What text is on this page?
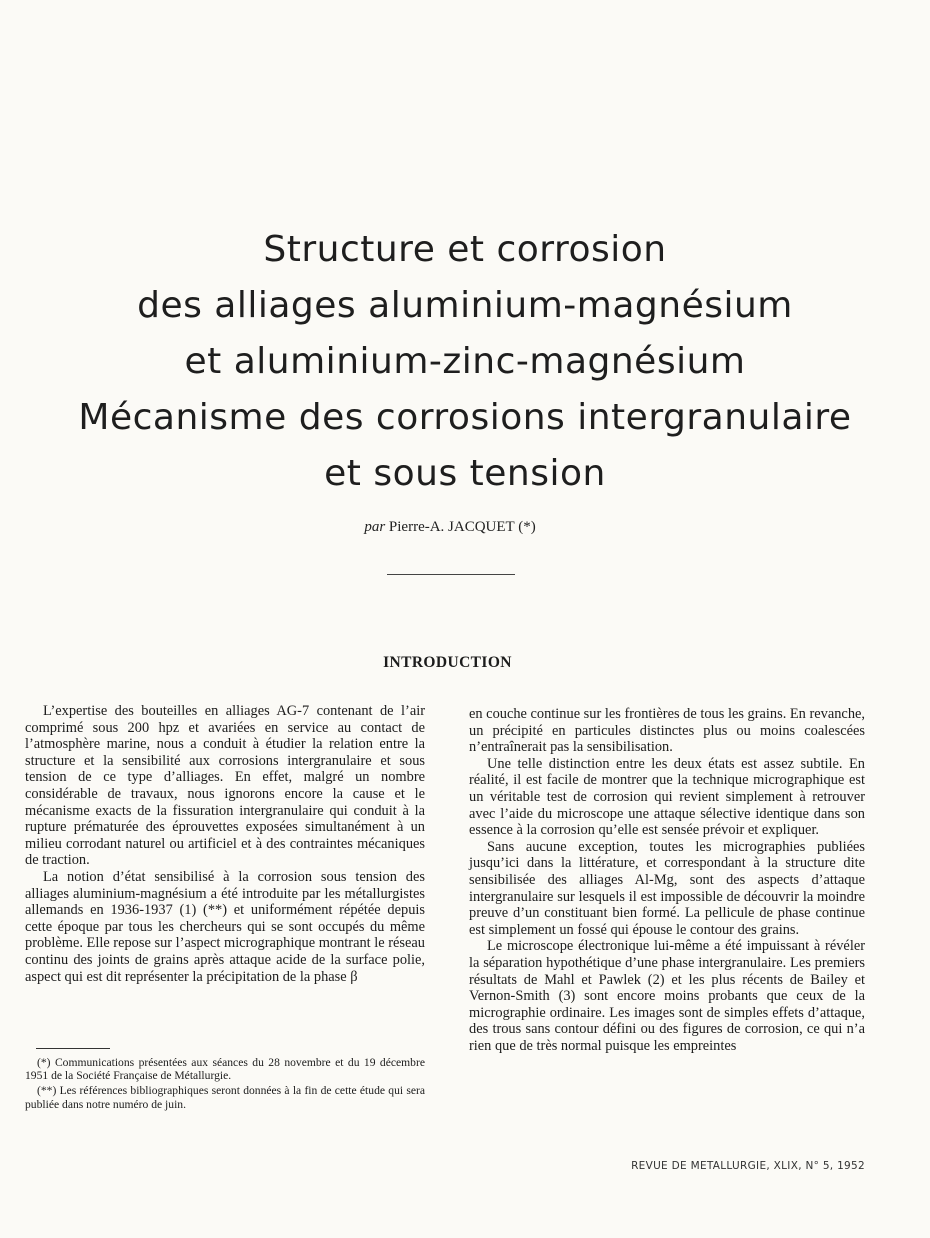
Structure et corrosion
des alliages aluminium-magnésium
et aluminium-zinc-magnésium
Mécanisme des corrosions intergranulaire
et sous tension
par Pierre-A. JACQUET (*)
INTRODUCTION

L’expertise des bouteilles en alliages AG-7 contenant de l’air comprimé sous 200 hpz et avariées en service au contact de l’atmosphère marine, nous a conduit à étudier la relation entre la structure et la sensibilité aux corrosions intergranulaire et sous tension de ce type d’alliages. En effet, malgré un nombre considérable de travaux, nous ignorons encore la cause et le mécanisme exacts de la fissuration intergranulaire qui conduit à la rupture prématurée des éprouvettes exposées simultanément à un milieu corrodant naturel ou artificiel et à des contraintes mécaniques de traction.

La notion d’état sensibilisé à la corrosion sous tension des alliages aluminium-magnésium a été introduite par les métallurgistes allemands en 1936-1937 (1) (**) et uniformément répétée depuis cette époque par tous les chercheurs qui se sont occupés du même problème. Elle repose sur l’aspect micrographique montrant le réseau continu des joints de grains après attaque acide de la surface polie, aspect qui est dit représenter la précipitation de la phase β

en couche continue sur les frontières de tous les grains. En revanche, un précipité en particules distinctes plus ou moins coalescées n’entraînerait pas la sensibilisation.

Une telle distinction entre les deux états est assez subtile. En réalité, il est facile de montrer que la technique micrographique est un véritable test de corrosion qui revient simplement à retrouver avec l’aide du microscope une attaque sélective identique dans son essence à la corrosion qu’elle est sensée prévoir et expliquer.

Sans aucune exception, toutes les micrographies publiées jusqu’ici dans la littérature, et correspondant à la structure dite sensibilisée des alliages Al-Mg, sont des aspects d’attaque intergranulaire sur lesquels il est impossible de découvrir la moindre preuve d’un constituant bien formé. La pellicule de phase continue est simplement un fossé qui épouse le contour des grains.

Le microscope électronique lui-même a été impuissant à révéler la séparation hypothétique d’une phase intergranulaire. Les premiers résultats de Mahl et Pawlek (2) et les plus récents de Bailey et Vernon-Smith (3) sont encore moins probants que ceux de la micrographie ordinaire. Les images sont de simples effets d’attaque, des trous sans contour défini ou des figures de corrosion, ce qui n’a rien que de très normal puisque les empreintes

(*) Communications présentées aux séances du 28 novembre et du 19 décembre 1951 de la Société Française de Métallurgie.

(**) Les références bibliographiques seront données à la fin de cette étude qui sera publiée dans notre numéro de juin.

REVUE DE METALLURGIE, XLIX, N° 5, 1952
